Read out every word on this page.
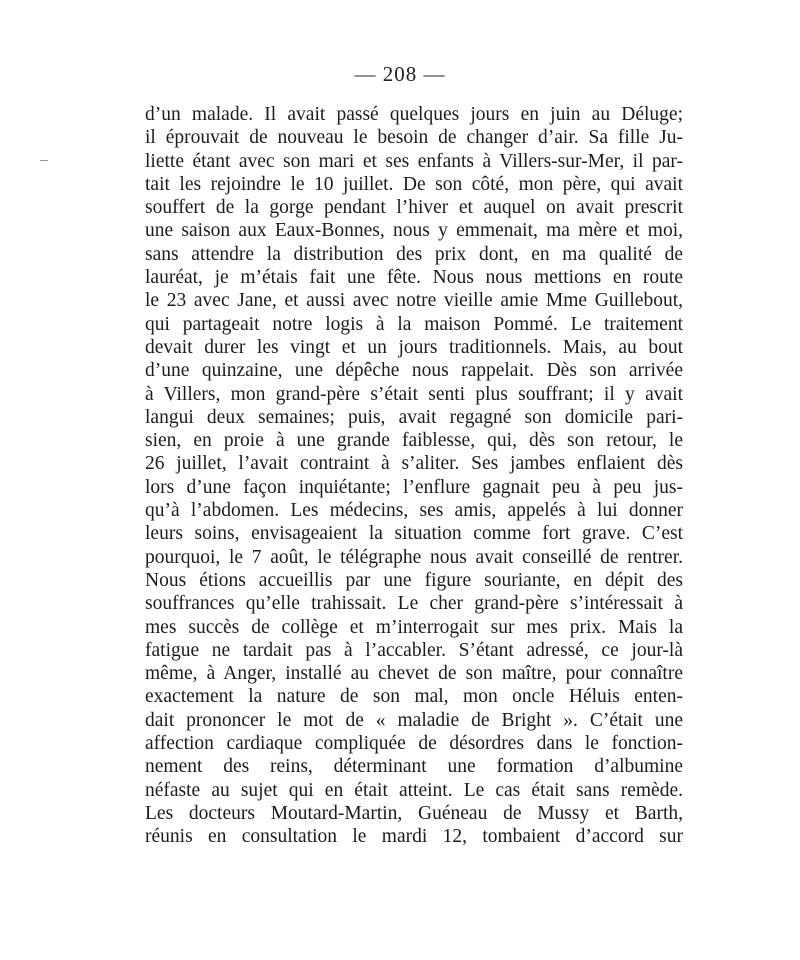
— 208 —
d’un malade. Il avait passé quelques jours en juin au Déluge;
il éprouvait de nouveau le besoin de changer d’air. Sa fille Ju-
liette étant avec son mari et ses enfants à Villers-sur-Mer, il par-
tait les rejoindre le 10 juillet. De son côté, mon père, qui avait
souffert de la gorge pendant l’hiver et auquel on avait prescrit
une saison aux Eaux-Bonnes, nous y emmenait, ma mère et moi,
sans attendre la distribution des prix dont, en ma qualité de
lauréat, je m’étais fait une fête. Nous nous mettions en route
le 23 avec Jane, et aussi avec notre vieille amie Mme Guillebout,
qui partageait notre logis à la maison Pommé. Le traitement
devait durer les vingt et un jours traditionnels. Mais, au bout
d’une quinzaine, une dépêche nous rappelait. Dès son arrivée
à Villers, mon grand-père s’était senti plus souffrant; il y avait
langui deux semaines; puis, avait regagné son domicile pari-
sien, en proie à une grande faiblesse, qui, dès son retour, le
26 juillet, l’avait contraint à s’aliter. Ses jambes enflaient dès
lors d’une façon inquiétante; l’enflure gagnait peu à peu jus-
qu’à l’abdomen. Les médecins, ses amis, appelés à lui donner
leurs soins, envisageaient la situation comme fort grave. C’est
pourquoi, le 7 août, le télégraphe nous avait conseillé de rentrer.
Nous étions accueillis par une figure souriante, en dépit des
souffrances qu’elle trahissait. Le cher grand-père s’intéressait à
mes succès de collège et m’interrogait sur mes prix. Mais la
fatigue ne tardait pas à l’accabler. S’étant adressé, ce jour-là
même, à Anger, installé au chevet de son maître, pour connaître
exactement la nature de son mal, mon oncle Héluis enten-
dait prononcer le mot de « maladie de Bright ». C’était une
affection cardiaque compliquée de désordres dans le fonction-
nement des reins, déterminant une formation d’albumine
néfaste au sujet qui en était atteint. Le cas était sans remède.
Les docteurs Moutard-Martin, Guéneau de Mussy et Barth,
réunis en consultation le mardi 12, tombaient d’accord sur
